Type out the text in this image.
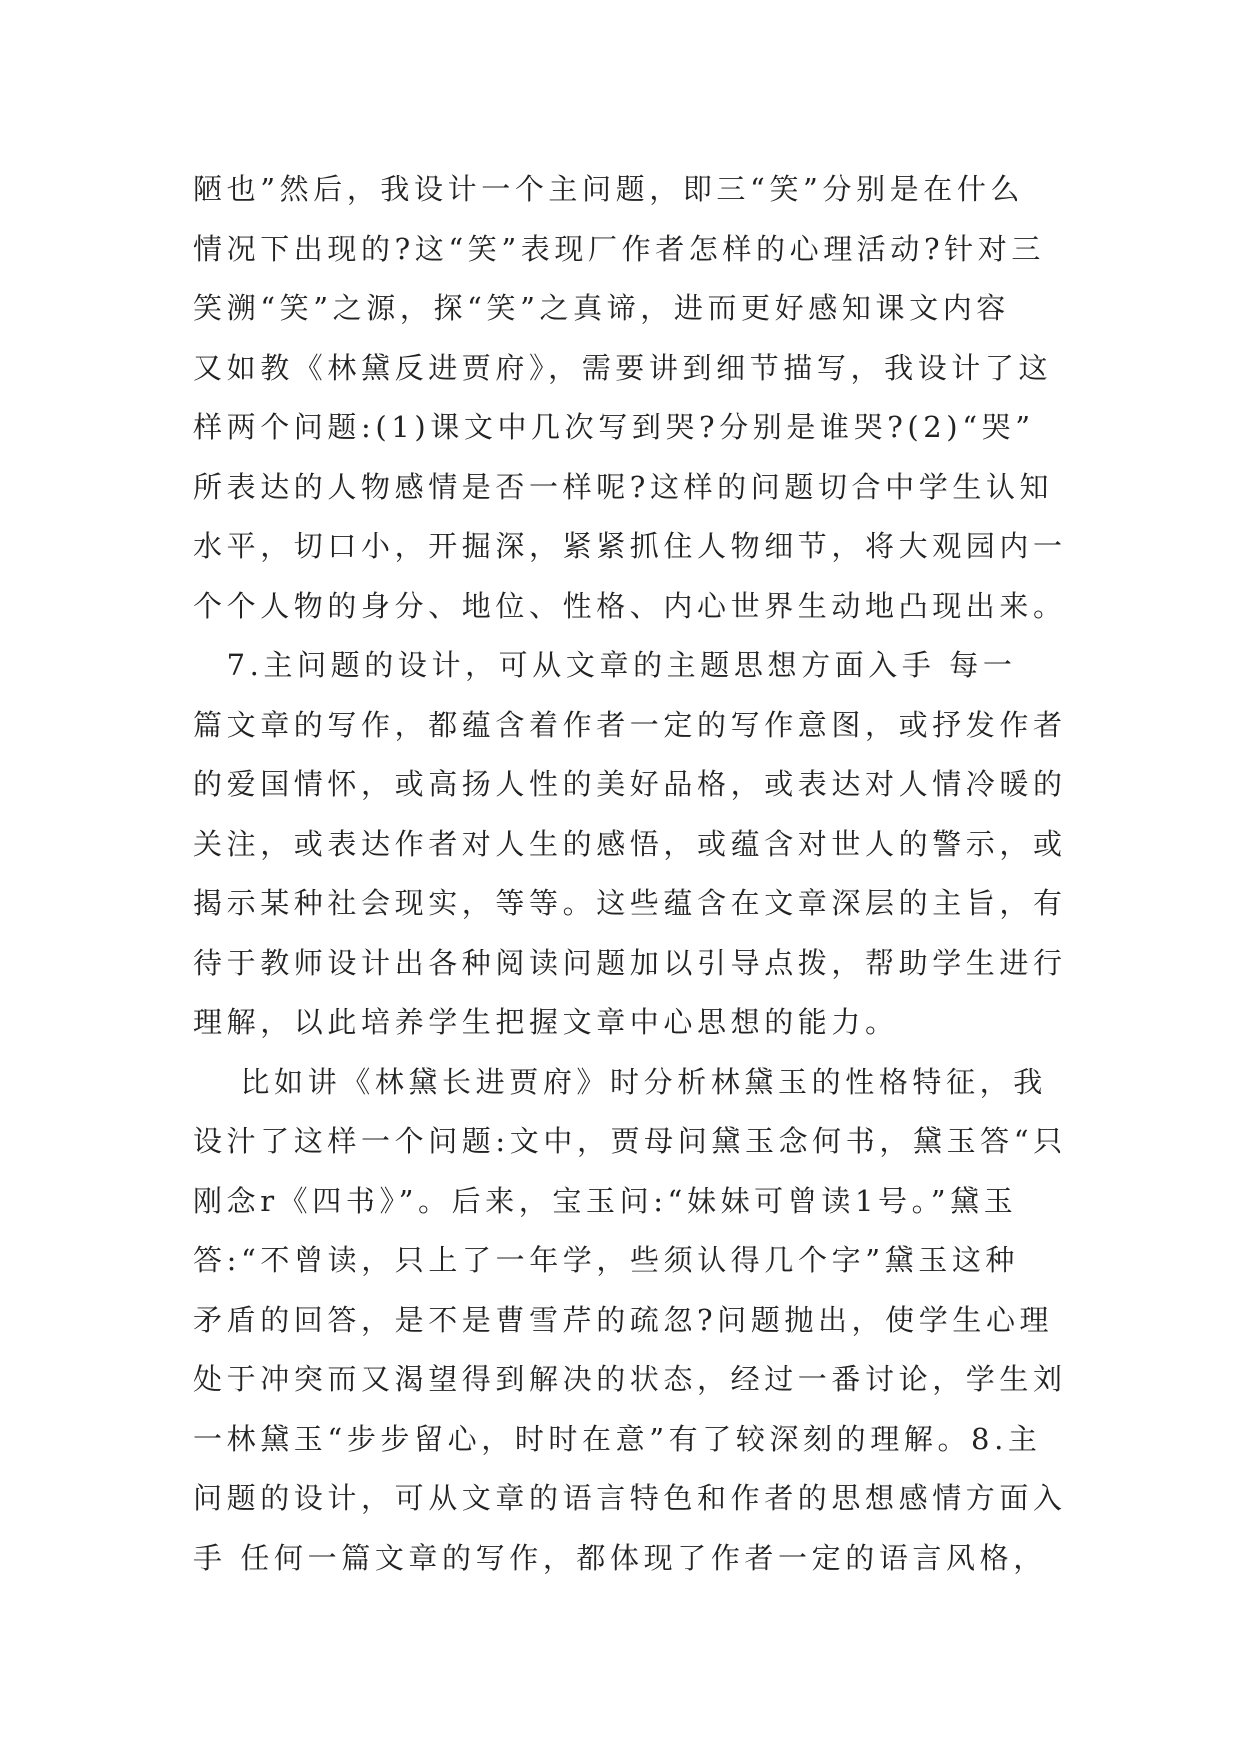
陋也”然后，我设计一个主问题，即三“笑”分别是在什么
情况下出现的?这“笑”表现厂作者怎样的心理活动?针对三
笑溯“笑”之源，探“笑”之真谛，进而更好感知课文内容
又如教《林黛反进贾府》，需要讲到细节描写，我设计了这
样两个问题:(1)课文中几次写到哭?分别是谁哭?(2)“哭”
所表达的人物感情是否一样呢?这样的问题切合中学生认知
水平，切口小，开掘深，紧紧抓住人物细节，将大观园内一
个个人物的身分、地位、性格、内心世界生动地凸现出来。
　7.主问题的设计，可从文章的主题思想方面入手 每一
篇文章的写作，都蕴含着作者一定的写作意图，或抒发作者
的爱国情怀，或高扬人性的美好品格，或表达对人情冷暖的
关注，或表达作者对人生的感悟，或蕴含对世人的警示，或
揭示某种社会现实，等等。这些蕴含在文章深层的主旨，有
待于教师设计出各种阅读问题加以引导点拨，帮助学生进行
理解，以此培养学生把握文章中心思想的能力。
　 比如讲《林黛长进贾府》时分析林黛玉的性格特征，我
设汁了这样一个问题:文中，贾母问黛玉念何书，黛玉答“只
刚念r《四书》”。后来，宝玉问:“妹妹可曾读1号。”黛玉
答:“不曾读，只上了一年学，些须认得几个字”黛玉这种
矛盾的回答，是不是曹雪芹的疏忽?问题抛出，使学生心理
处于冲突而又渴望得到解决的状态，经过一番讨论，学生刘
一林黛玉“步步留心，时时在意”有了较深刻的理解。8.主
问题的设计，可从文章的语言特色和作者的思想感情方面入
手 任何一篇文章的写作，都体现了作者一定的语言风格，
